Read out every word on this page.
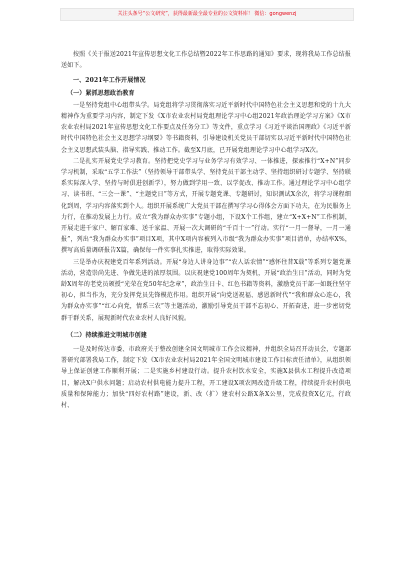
关注头条号“公文研究”，获得最新最全最专业的公文资料库！ 微信：gongwenzj

按照《关于报送2021年宣传思想文化工作总结暨2022年工作思路的通知》要求，现将我局工作总结报送如下。

一、2021年工作开展情况

（一）紧抓思想政治教育

一是坚持党组中心组带头学。局党组将学习贯彻落实习近平新时代中国特色社会主义思想和党的十九大精神作为重要学习内容，制定下发《X市农业农村局党组理论学习中心组2021年政治理论学习方案》《X市农业农村局2021年宣传思想文化工作要点及任务分工》等文件，重点学习《习近平谈治国理政》《习近平新时代中国特色社会主义思想学习纲要》等书籍资料，引导建设机关党员干部切实以习近平新时代中国特色社会主义思想武装头脑、指导实践、推动工作。截至X月底，已开展党组理论学习中心组学习X次。

二是扎实开展党史学习教育。坚持把党史学习与业务学习有效学习、一体推进，探索推行“X+N”同步学习机制，采取“五学工作法”（坚持领导干部带头学、坚持党员干部主动学、坚持组织研讨专题学、坚持联系实际深入学、坚持与时俱进创新学），努力做到学用一致、以学促改、推动工作。通过理论学习中心组学习、读书班、“三会一课”、“主题党日”等方式，开展专题党课、专题研讨，知识测试X余次，将学习课程细化到周，学习内容落实到个人。组织开展系统广大党员干部在撰写学习心得体会方面下功夫，在为民服务上力行，在推动发展上力行。成立“我为群众办实事”专题小组，下设X个工作组，建立“X+X+N”工作机制，开展走进千家户、解百家难、送千家温、开展一次大调研的“千百十一”行动。实行“一月一督导，一月一通报”，列出“我为群众办实事”项目X项，其中X项内容被列入市级“我为群众办实事”项目清单，办结率X%，撰写高质量调研报告X篇，确保每一件实事扎实推进，取得实际效果。

三是举办庆祝建党百年系列活动。开展“身边人讲身边事”“农人话农情”“感怀往昔X载”等系列专题党课活动，营造崇尚先进、争做先进的浓厚氛围。以庆祝建党100周年为契机，开展“政治生日”活动，同时为党龄X周年的老党员颁授“光荣在党50年纪念章”，政治生日卡、红色书籍等资料，激励党员干部一如既往坚守初心，担当作为，充分发挥党员先锋模范作用。组织开展“向党送祝福、感恩新时代”“我和群众心连心，我为群众办实事”“红心向党，情系三农”等主题活动，激励引导党员干部不忘初心、开拓奋进，进一步密切党群干群关系，展现新时代农业农村人良好风貌。

（二）持续推进文明城市创建

一是及时传达市委、市政府关于整改创建全国文明城市工作会议精神，并组织全局召开动员会，专题部署研究部署我局工作，制定下发《X市农业农村局2021年全国文明城市建设工作目标责任清单》，从组织领导上保证创建工作顺利开展；二是实施乡村建设行动。提升农村饮水安全，实施X县供水工程提升改造项目，解决X户供水问题；启动农村供电能力提升工程，开工建设X项农网改造升级工程，持续提升农村供电质量和保障能力；加快“四好农村路”建设，新、改（扩）建农村公路X条X公里，完成投资X亿元，行政村、
